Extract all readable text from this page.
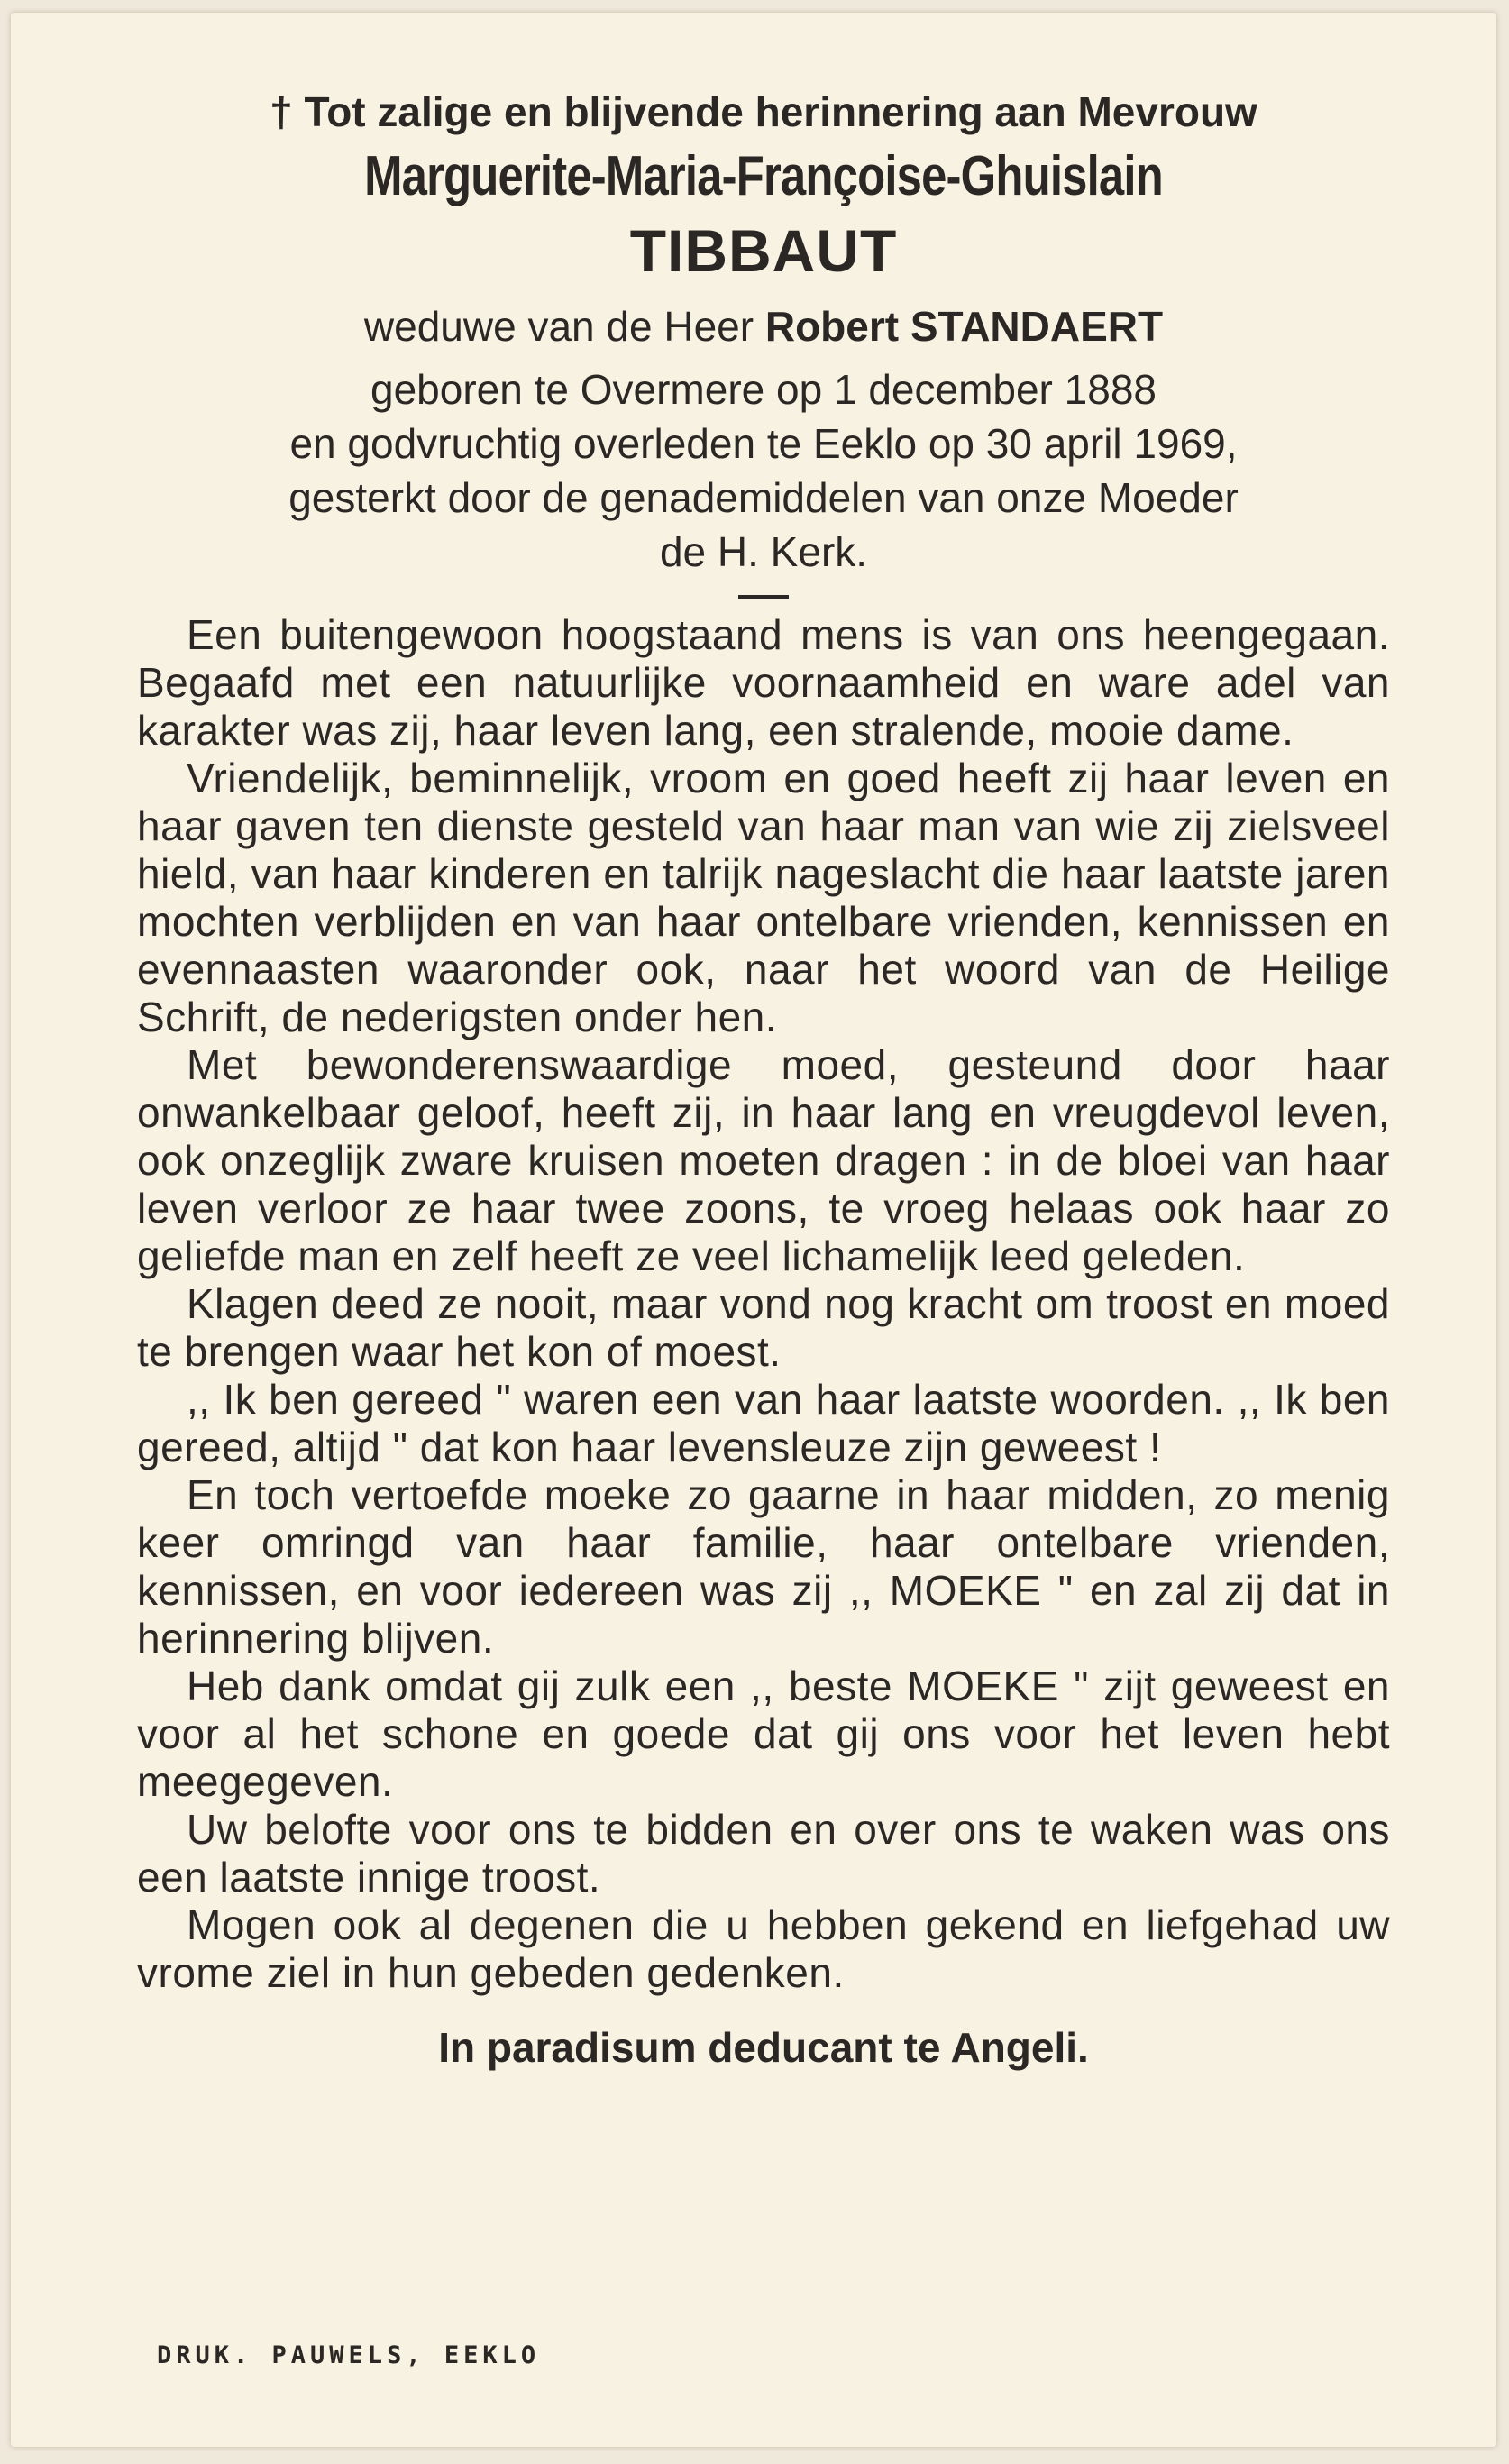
† Tot zalige en blijvende herinnering aan Mevrouw
Marguerite-Maria-Françoise-Ghuislain
TIBBAUT
weduwe van de Heer Robert STANDAERT
geboren te Overmere op 1 december 1888
en godvruchtig overleden te Eeklo op 30 april 1969,
gesterkt door de genademiddelen van onze Moeder
de H. Kerk.

Een buitengewoon hoogstaand mens is van ons heengegaan. Begaafd met een natuurlijke voornaamheid en ware adel van karakter was zij, haar leven lang, een stralende, mooie dame.

Vriendelijk, beminnelijk, vroom en goed heeft zij haar leven en haar gaven ten dienste gesteld van haar man van wie zij zielsveel hield, van haar kinderen en talrijk nageslacht die haar laatste jaren mochten verblijden en van haar ontelbare vrienden, kennissen en evennaasten waaronder ook, naar het woord van de Heilige Schrift, de nederigsten onder hen.

Met bewonderenswaardige moed, gesteund door haar onwankelbaar geloof, heeft zij, in haar lang en vreugdevol leven, ook onzeglijk zware kruisen moeten dragen : in de bloei van haar leven verloor ze haar twee zoons, te vroeg helaas ook haar zo geliefde man en zelf heeft ze veel lichamelijk leed geleden.

Klagen deed ze nooit, maar vond nog kracht om troost en moed te brengen waar het kon of moest.

,, Ik ben gereed " waren een van haar laatste woorden. ,, Ik ben gereed, altijd " dat kon haar levensleuze zijn geweest !

En toch vertoefde moeke zo gaarne in haar midden, zo menig keer omringd van haar familie, haar ontelbare vrienden, kennissen, en voor iedereen was zij ,, MOEKE " en zal zij dat in herinnering blijven.

Heb dank omdat gij zulk een ,, beste MOEKE " zijt geweest en voor al het schone en goede dat gij ons voor het leven hebt meegegeven.

Uw belofte voor ons te bidden en over ons te waken was ons een laatste innige troost.

Mogen ook al degenen die u hebben gekend en liefgehad uw vrome ziel in hun gebeden gedenken.

In paradisum deducant te Angeli.
DRUK. PAUWELS, EEKLO
